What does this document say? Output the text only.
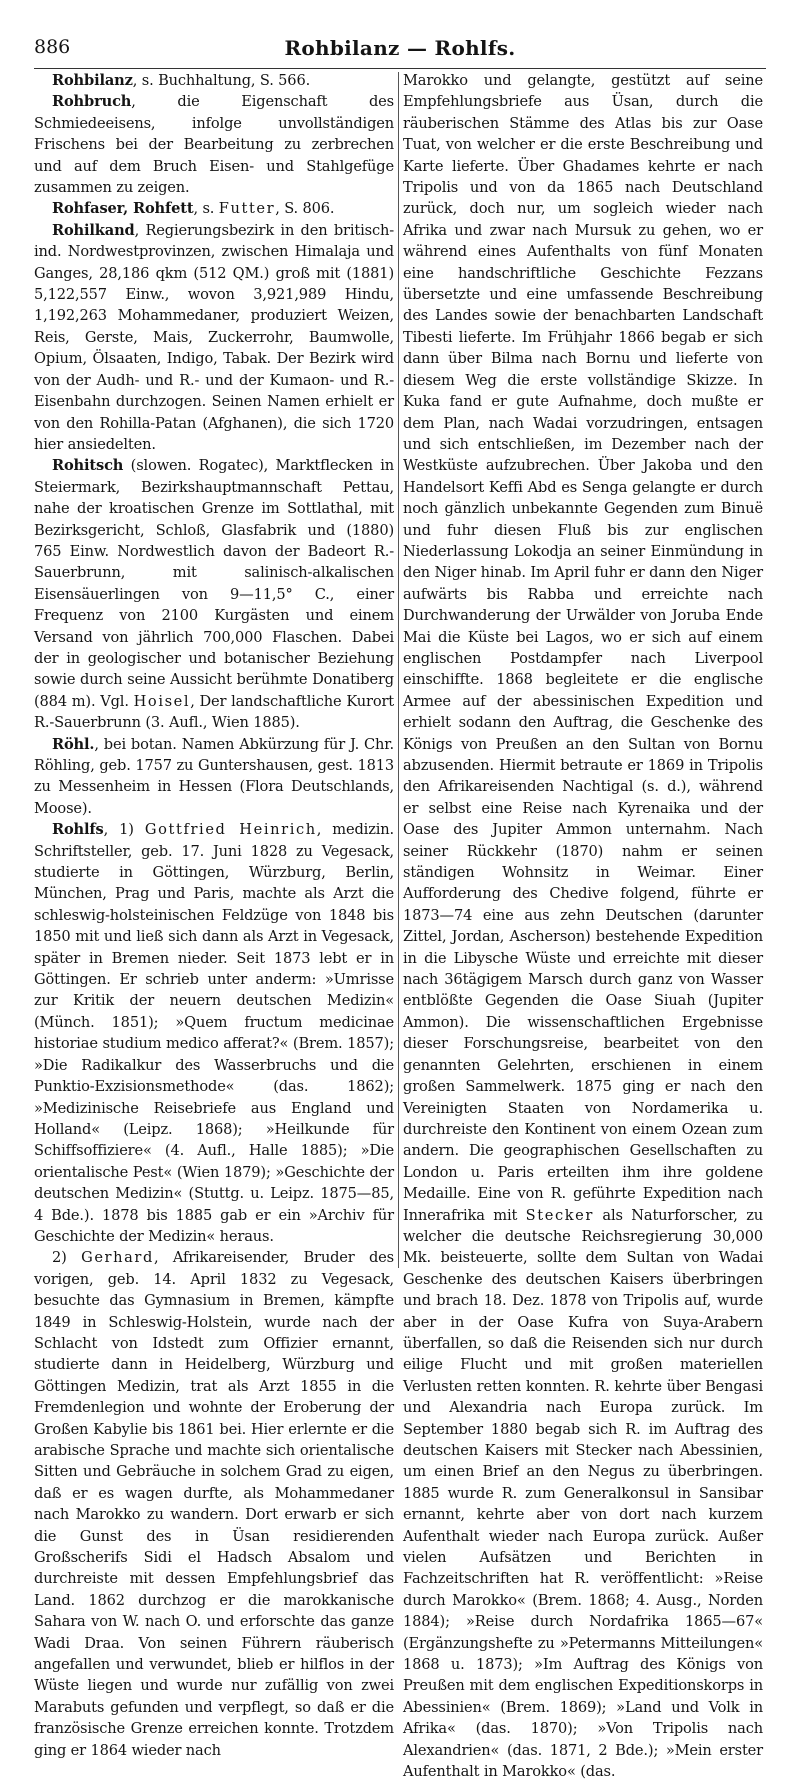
886	Rohbilanz — Rohlfs.

Rohbilanz, s. Buchhaltung, S. 566.

Rohbruch, die Eigenschaft des Schmiedeeisens, infolge unvollständigen Frischens bei der Bearbeitung zu zerbrechen und auf dem Bruch Eisen- und Stahlgefüge zusammen zu zeigen.

Rohfaser, Rohfett, s. Futter, S. 806.

Rohilkand, Regierungsbezirk in den britisch-ind. Nordwestprovinzen, zwischen Himalaja und Ganges, 28,186 qkm (512 QM.) groß mit (1881) 5,122,557 Einw., wovon 3,921,989 Hindu, 1,192,263 Mohammedaner, produziert Weizen, Reis, Gerste, Mais, Zuckerrohr, Baumwolle, Opium, Ölsaaten, Indigo, Tabak. Der Bezirk wird von der Audh- und R.- und der Kumaon- und R.-Eisenbahn durchzogen. Seinen Namen erhielt er von den Rohilla-Patan (Afghanen), die sich 1720 hier ansiedelten.

Rohitsch (slowen. Rogatec), Marktflecken in Steiermark, Bezirkshauptmannschaft Pettau, nahe der kroatischen Grenze im Sottlathal, mit Bezirksgericht, Schloß, Glasfabrik und (1880) 765 Einw. Nordwestlich davon der Badeort R.-Sauerbrunn, mit salinisch-alkalischen Eisensäuerlingen von 9—11,5° C., einer Frequenz von 2100 Kurgästen und einem Versand von jährlich 700,000 Flaschen. Dabei der in geologischer und botanischer Beziehung sowie durch seine Aussicht berühmte Donatiberg (884 m). Vgl. Hoisel, Der landschaftliche Kurort R.-Sauerbrunn (3. Aufl., Wien 1885).

Röhl., bei botan. Namen Abkürzung für J. Chr. Röhling, geb. 1757 zu Guntershausen, gest. 1813 zu Messenheim in Hessen (Flora Deutschlands, Moose).

Rohlfs, 1) Gottfried Heinrich, medizin. Schriftsteller, geb. 17. Juni 1828 zu Vegesack, studierte in Göttingen, Würzburg, Berlin, München, Prag und Paris, machte als Arzt die schleswig-holsteinischen Feldzüge von 1848 bis 1850 mit und ließ sich dann als Arzt in Vegesack, später in Bremen nieder. Seit 1873 lebt er in Göttingen. Er schrieb unter anderm: »Umrisse zur Kritik der neuern deutschen Medizin« (Münch. 1851); »Quem fructum medicinae historiae studium medico afferat?« (Brem. 1857); »Die Radikalkur des Wasserbruchs und die Punktio-Exzisionsmethode« (das. 1862); »Medizinische Reisebriefe aus England und Holland« (Leipz. 1868); »Heilkunde für Schiffsoffiziere« (4. Aufl., Halle 1885); »Die orientalische Pest« (Wien 1879); »Geschichte der deutschen Medizin« (Stuttg. u. Leipz. 1875—85, 4 Bde.). 1878 bis 1885 gab er ein »Archiv für Geschichte der Medizin« heraus.

2) Gerhard, Afrikareisender, Bruder des vorigen, geb. 14. April 1832 zu Vegesack, besuchte das Gymnasium in Bremen, kämpfte 1849 in Schleswig-Holstein, wurde nach der Schlacht von Idstedt zum Offizier ernannt, studierte dann in Heidelberg, Würzburg und Göttingen Medizin, trat als Arzt 1855 in die Fremdenlegion und wohnte der Eroberung der Großen Kabylie bis 1861 bei. Hier erlernte er die arabische Sprache und machte sich orientalische Sitten und Gebräuche in solchem Grad zu eigen, daß er es wagen durfte, als Mohammedaner nach Marokko zu wandern. Dort erwarb er sich die Gunst des in Üsan residierenden Großscherifs Sidi el Hadsch Absalom und durchreiste mit dessen Empfehlungsbrief das Land. 1862 durchzog er die marokkanische Sahara von W. nach O. und erforschte das ganze Wadi Draa. Von seinen Führern räuberisch angefallen und verwundet, blieb er hilflos in der Wüste liegen und wurde nur zufällig von zwei Marabuts gefunden und verpflegt, so daß er die französische Grenze erreichen konnte. Trotzdem ging er 1864 wieder nach

Marokko und gelangte, gestützt auf seine Empfehlungsbriefe aus Üsan, durch die räuberischen Stämme des Atlas bis zur Oase Tuat, von welcher er die erste Beschreibung und Karte lieferte. Über Ghadames kehrte er nach Tripolis und von da 1865 nach Deutschland zurück, doch nur, um sogleich wieder nach Afrika und zwar nach Mursuk zu gehen, wo er während eines Aufenthalts von fünf Monaten eine handschriftliche Geschichte Fezzans übersetzte und eine umfassende Beschreibung des Landes sowie der benachbarten Landschaft Tibesti lieferte. Im Frühjahr 1866 begab er sich dann über Bilma nach Bornu und lieferte von diesem Weg die erste vollständige Skizze. In Kuka fand er gute Aufnahme, doch mußte er dem Plan, nach Wadai vorzudringen, entsagen und sich entschließen, im Dezember nach der Westküste aufzubrechen. Über Jakoba und den Handelsort Keffi Abd es Senga gelangte er durch noch gänzlich unbekannte Gegenden zum Binuë und fuhr diesen Fluß bis zur englischen Niederlassung Lokodja an seiner Einmündung in den Niger hinab. Im April fuhr er dann den Niger aufwärts bis Rabba und erreichte nach Durchwanderung der Urwälder von Joruba Ende Mai die Küste bei Lagos, wo er sich auf einem englischen Postdampfer nach Liverpool einschiffte. 1868 begleitete er die englische Armee auf der abessinischen Expedition und erhielt sodann den Auftrag, die Geschenke des Königs von Preußen an den Sultan von Bornu abzusenden. Hiermit betraute er 1869 in Tripolis den Afrikareisenden Nachtigal (s. d.), während er selbst eine Reise nach Kyrenaika und der Oase des Jupiter Ammon unternahm. Nach seiner Rückkehr (1870) nahm er seinen ständigen Wohnsitz in Weimar. Einer Aufforderung des Chedive folgend, führte er 1873—74 eine aus zehn Deutschen (darunter Zittel, Jordan, Ascherson) bestehende Expedition in die Libysche Wüste und erreichte mit dieser nach 36tägigem Marsch durch ganz von Wasser entblößte Gegenden die Oase Siuah (Jupiter Ammon). Die wissenschaftlichen Ergebnisse dieser Forschungsreise, bearbeitet von den genannten Gelehrten, erschienen in einem großen Sammelwerk. 1875 ging er nach den Vereinigten Staaten von Nordamerika u. durchreiste den Kontinent von einem Ozean zum andern. Die geographischen Gesellschaften zu London u. Paris erteilten ihm ihre goldene Medaille. Eine von R. geführte Expedition nach Innerafrika mit Stecker als Naturforscher, zu welcher die deutsche Reichsregierung 30,000 Mk. beisteuerte, sollte dem Sultan von Wadai Geschenke des deutschen Kaisers überbringen und brach 18. Dez. 1878 von Tripolis auf, wurde aber in der Oase Kufra von Suya-Arabern überfallen, so daß die Reisenden sich nur durch eilige Flucht und mit großen materiellen Verlusten retten konnten. R. kehrte über Bengasi und Alexandria nach Europa zurück. Im September 1880 begab sich R. im Auftrag des deutschen Kaisers mit Stecker nach Abessinien, um einen Brief an den Negus zu überbringen. 1885 wurde R. zum Generalkonsul in Sansibar ernannt, kehrte aber von dort nach kurzem Aufenthalt wieder nach Europa zurück. Außer vielen Aufsätzen und Berichten in Fachzeitschriften hat R. veröffentlicht: »Reise durch Marokko« (Brem. 1868; 4. Ausg., Norden 1884); »Reise durch Nordafrika 1865—67« (Ergänzungshefte zu »Petermanns Mitteilungen« 1868 u. 1873); »Im Auftrag des Königs von Preußen mit dem englischen Expeditionskorps in Abessinien« (Brem. 1869); »Land und Volk in Afrika« (das. 1870); »Von Tripolis nach Alexandrien« (das. 1871, 2 Bde.); »Mein erster Aufenthalt in Marokko« (das.
